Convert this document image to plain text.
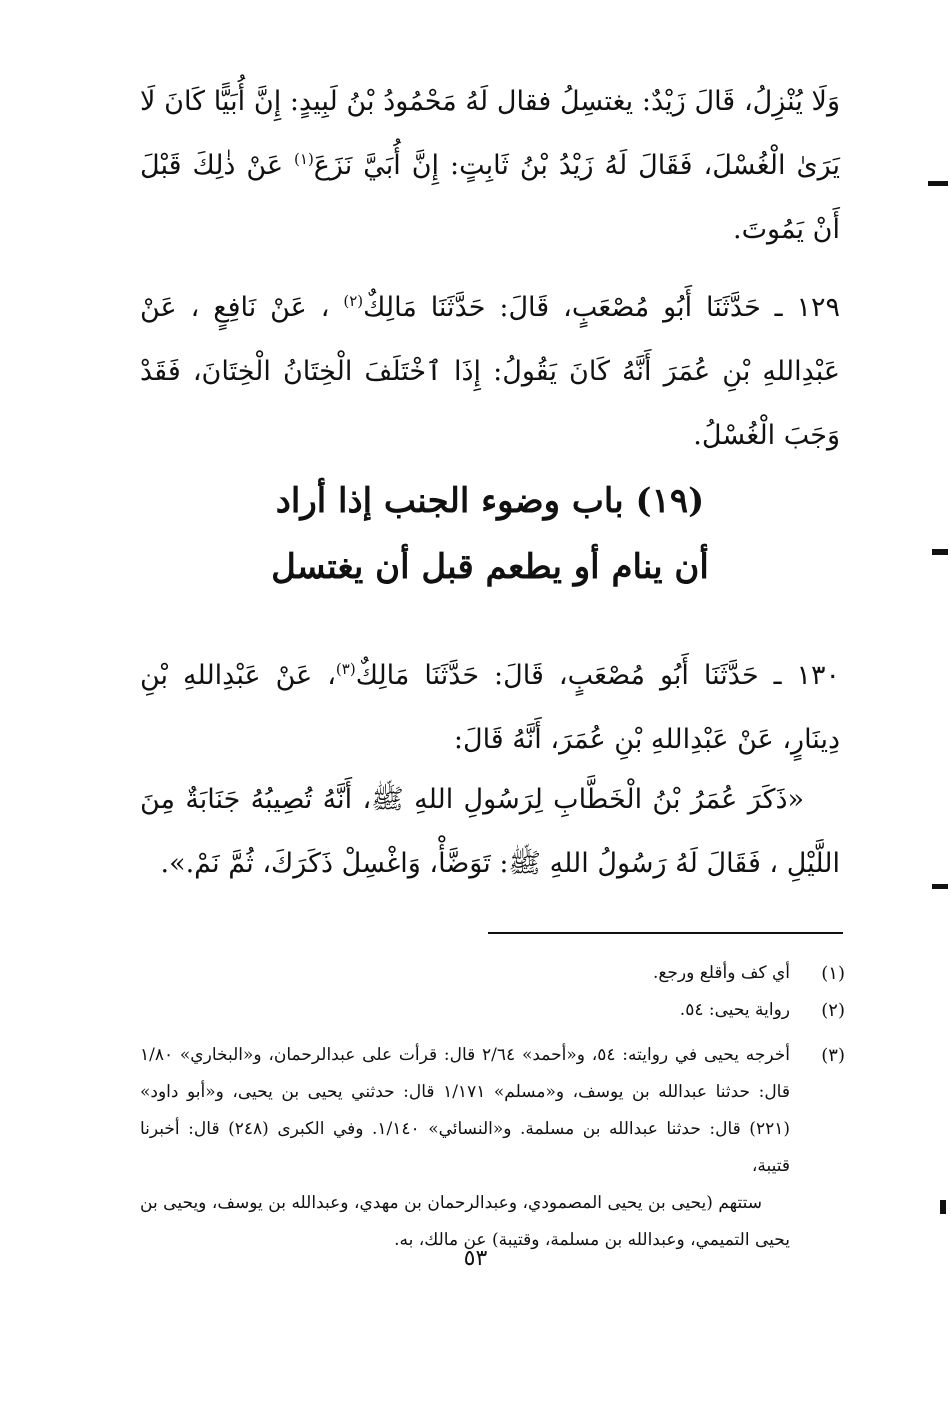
وَلَا يُنْزِلُ، قَالَ زَيْدٌ: يغتسِلُ فقال لَهُ مَحْمُودُ بْنُ لَبِيدٍ: إِنَّ أُبَيًّا كَانَ لَا يَرَىٰ الْغُسْلَ، فَقَالَ لَهُ زَيْدُ بْنُ ثَابِتٍ: إِنَّ أُبَيَّ نَزَعَ$^{(١)}$ عَنْ ذٰلِكَ قَبْلَ أَنْ يَمُوتَ.

١٢٩ ـ حَدَّثَنَا أَبُو مُصْعَبٍ، قَالَ: حَدَّثَنَا مَالِكٌ$^{(٢)}$ ، عَنْ نَافِعٍ ، عَنْ عَبْدِاللهِ بْنِ عُمَرَ أَنَّهُ كَانَ يَقُولُ: إِذَا ٱخْتَلَفَ الْخِتَانُ الْخِتَانَ، فَقَدْ وَجَبَ الْغُسْلُ.

(١٩) باب وضوء الجنب إذا أراد
أن ينام أو يطعم قبل أن يغتسل

١٣٠ ـ حَدَّثَنَا أَبُو مُصْعَبٍ، قَالَ: حَدَّثَنَا مَالِكٌ$^{(٣)}$، عَنْ عَبْدِاللهِ بْنِ دِينَارٍ، عَنْ عَبْدِاللهِ بْنِ عُمَرَ، أَنَّهُ قَالَ:

«ذَكَرَ عُمَرُ بْنُ الْخَطَّابِ لِرَسُولِ اللهِ ﷺ، أَنَّهُ تُصِيبُهُ جَنَابَةٌ مِنَ اللَّيْلِ ، فَقَالَ لَهُ رَسُولُ اللهِ ﷺ: تَوَضَّأْ، وَاغْسِلْ ذَكَرَكَ، ثُمَّ نَمْ.».

(١)
أي كف وأقلع ورجع.
(٢)
رواية يحيى: ٥٤.
(٣)
أخرجه يحيى في روايته: ٥٤، و«أحمد» ٢/٦٤ قال: قرأت على عبدالرحمان، و«البخاري» ١/٨٠ قال: حدثنا عبدالله بن يوسف، و«مسلم» ١/١٧١ قال: حدثني يحيى بن يحيى، و«أبو داود» (٢٢١) قال: حدثنا عبدالله بن مسلمة. و«النسائي» ١/١٤٠. وفي الكبرى (٢٤٨) قال: أخبرنا قتيبة،
ستتهم (يحيى بن يحيى المصمودي، وعبدالرحمان بن مهدي، وعبدالله بن يوسف، ويحيى بن يحيى التميمي، وعبدالله بن مسلمة، وقتيبة) عن مالك، به.
٥٣
